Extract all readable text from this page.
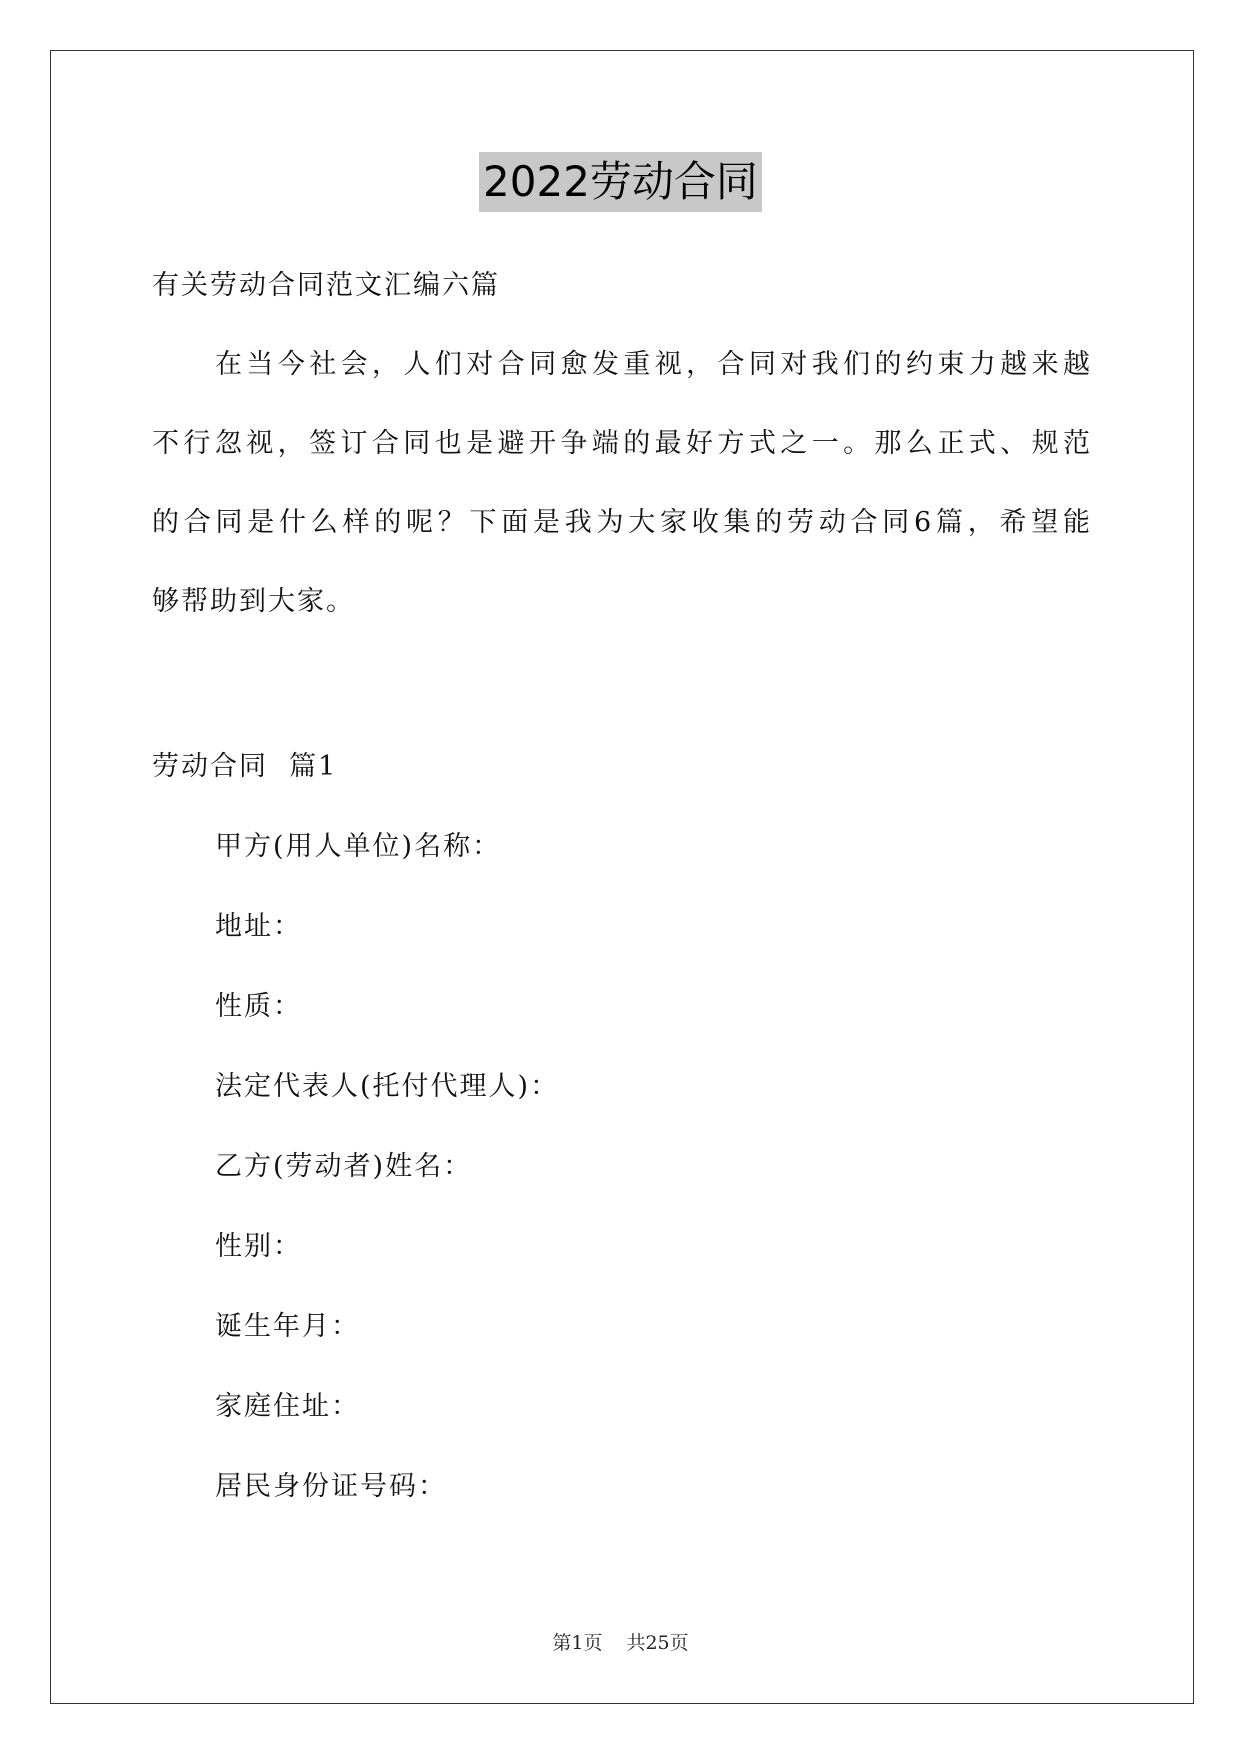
2022劳动合同
有关劳动合同范文汇编六篇
在当今社会，人们对合同愈发重视，合同对我们的约束力越来越
不行忽视，签订合同也是避开争端的最好方式之一。那么正式、规范
的合同是什么样的呢？下面是我为大家收集的劳动合同6篇，希望能
够帮助到大家。
劳动合同  篇1
甲方(用人单位)名称：
地址：
性质：
法定代表人(托付代理人)：
乙方(劳动者)姓名：
性别：
诞生年月：
家庭住址：
居民身份证号码：
第1页 共25页
